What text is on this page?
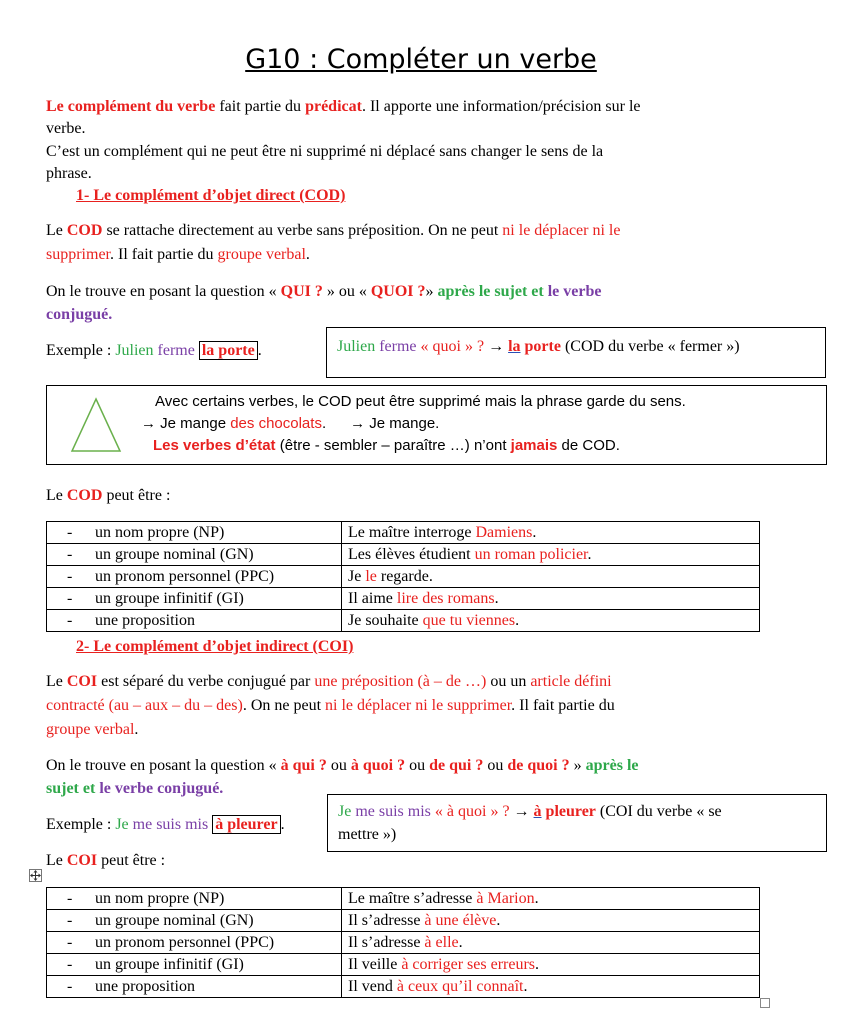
G10 : Compléter un verbe
Le complément du verbe fait partie du prédicat. Il apporte une information/précision sur le
verbe.
C’est un complément qui ne peut être ni supprimé ni déplacé sans changer le sens de la
phrase.
1- Le complément d’objet direct (COD)
Le COD se rattache directement au verbe sans préposition. On ne peut ni le déplacer ni le
supprimer. Il fait partie du groupe verbal.
On le trouve en posant la question « QUI ? » ou « QUOI ?» après le sujet et le verbe
conjugué.
Exemple : Julien ferme la porte .	Julien ferme « quoi » ? → la porte (COD du verbe « fermer »)
Avec certains verbes, le COD peut être supprimé mais la phrase garde du sens.
→ Je mange des chocolats. → Je mange.
Les verbes d’état (être - sembler – paraître …) n’ont jamais de COD.
Le COD peut être :
- un nom propre (NP)	Le maître interroge Damiens.
- un groupe nominal (GN)	Les élèves étudient un roman policier.
- un pronom personnel (PPC)	Je le regarde.
- un groupe infinitif (GI)	Il aime lire des romans.
- une proposition	Je souhaite que tu viennes.
2- Le complément d’objet indirect (COI)
Le COI est séparé du verbe conjugué par une préposition (à – de …) ou un article défini
contracté (au – aux – du – des). On ne peut ni le déplacer ni le supprimer. Il fait partie du
groupe verbal.
On le trouve en posant la question « à qui ? ou à quoi ? ou de qui ? ou de quoi ? » après le
sujet et le verbe conjugué.
Exemple : Je me suis mis à pleurer .
Je me suis mis « à quoi » ? → à pleurer (COI du verbe « se
mettre »)
Le COI peut être :
- un nom propre (NP)	Le maître s’adresse à Marion.
- un groupe nominal (GN)	Il s’adresse à une élève.
- un pronom personnel (PPC)	Il s’adresse à elle.
- un groupe infinitif (GI)	Il veille à corriger ses erreurs.
- une proposition	Il vend à ceux qu’il connaît.
